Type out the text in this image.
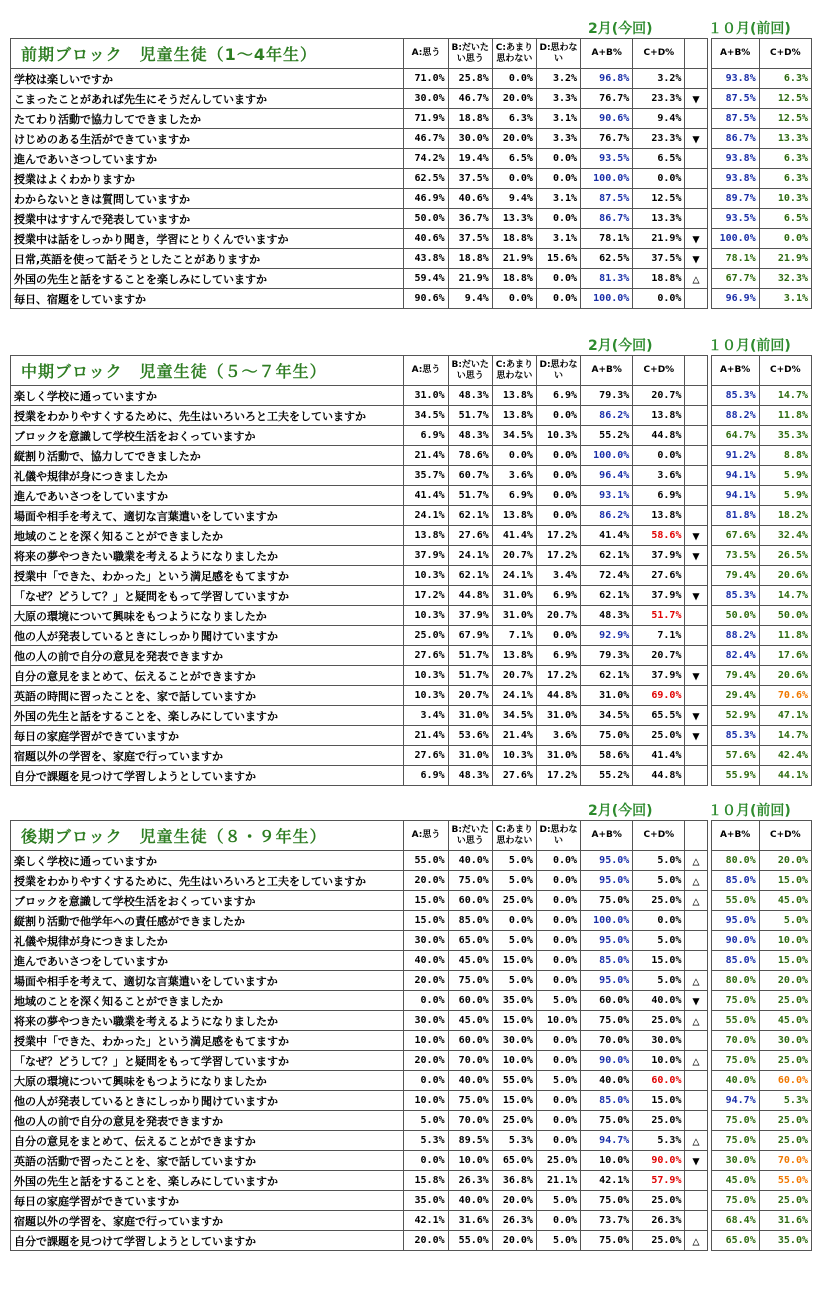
2月(今回)	１０月(前回)
前期ブロック　児童生徒（1～4年生）	A:思う	B:だいたい思う	C:あまり思わない	D:思わない	A+B%	C+D%			A+B%	C+D%
学校は楽しいですか	71.0%	25.8%	0.0%	3.2%	96.8%	3.2%			93.8%	6.3%
こまったことがあれば先生にそうだんしていますか	30.0%	46.7%	20.0%	3.3%	76.7%	23.3%	▼		87.5%	12.5%
たてわり活動で協力してできましたか	71.9%	18.8%	6.3%	3.1%	90.6%	9.4%			87.5%	12.5%
けじめのある生活ができていますか	46.7%	30.0%	20.0%	3.3%	76.7%	23.3%	▼		86.7%	13.3%
進んであいさつしていますか	74.2%	19.4%	6.5%	0.0%	93.5%	6.5%			93.8%	6.3%
授業はよくわかりますか	62.5%	37.5%	0.0%	0.0%	100.0%	0.0%			93.8%	6.3%
わからないときは質問していますか	46.9%	40.6%	9.4%	3.1%	87.5%	12.5%			89.7%	10.3%
授業中はすすんで発表していますか	50.0%	36.7%	13.3%	0.0%	86.7%	13.3%			93.5%	6.5%
授業中は話をしっかり聞き，学習にとりくんでいますか	40.6%	37.5%	18.8%	3.1%	78.1%	21.9%	▼		100.0%	0.0%
日常,英語を使って話そうとしたことがありますか	43.8%	18.8%	21.9%	15.6%	62.5%	37.5%	▼		78.1%	21.9%
外国の先生と話をすることを楽しみにしていますか	59.4%	21.9%	18.8%	0.0%	81.3%	18.8%	△		67.7%	32.3%
毎日、宿題をしていますか	90.6%	9.4%	0.0%	0.0%	100.0%	0.0%			96.9%	3.1%
2月(今回)	１０月(前回)
中期ブロック　児童生徒（５～７年生）	A:思う	B:だいたい思う	C:あまり思わない	D:思わない	A+B%	C+D%			A+B%	C+D%
楽しく学校に通っていますか	31.0%	48.3%	13.8%	6.9%	79.3%	20.7%			85.3%	14.7%
授業をわかりやすくするために、先生はいろいろと工夫をしていますか	34.5%	51.7%	13.8%	0.0%	86.2%	13.8%			88.2%	11.8%
ブロックを意識して学校生活をおくっていますか	6.9%	48.3%	34.5%	10.3%	55.2%	44.8%			64.7%	35.3%
縦割り活動で、協力してできましたか	21.4%	78.6%	0.0%	0.0%	100.0%	0.0%			91.2%	8.8%
礼儀や規律が身につきましたか	35.7%	60.7%	3.6%	0.0%	96.4%	3.6%			94.1%	5.9%
進んであいさつをしていますか	41.4%	51.7%	6.9%	0.0%	93.1%	6.9%			94.1%	5.9%
場面や相手を考えて、適切な言葉遣いをしていますか	24.1%	62.1%	13.8%	0.0%	86.2%	13.8%			81.8%	18.2%
地域のことを深く知ることができましたか	13.8%	27.6%	41.4%	17.2%	41.4%	58.6%	▼		67.6%	32.4%
将来の夢やつきたい職業を考えるようになりましたか	37.9%	24.1%	20.7%	17.2%	62.1%	37.9%	▼		73.5%	26.5%
授業中「できた、わかった」という満足感をもてますか	10.3%	62.1%	24.1%	3.4%	72.4%	27.6%			79.4%	20.6%
「なぜ？どうして？」と疑問をもって学習していますか	17.2%	44.8%	31.0%	6.9%	62.1%	37.9%	▼		85.3%	14.7%
大原の環境について興味をもつようになりましたか	10.3%	37.9%	31.0%	20.7%	48.3%	51.7%			50.0%	50.0%
他の人が発表しているときにしっかり聞けていますか	25.0%	67.9%	7.1%	0.0%	92.9%	7.1%			88.2%	11.8%
他の人の前で自分の意見を発表できますか	27.6%	51.7%	13.8%	6.9%	79.3%	20.7%			82.4%	17.6%
自分の意見をまとめて、伝えることができますか	10.3%	51.7%	20.7%	17.2%	62.1%	37.9%	▼		79.4%	20.6%
英語の時間に習ったことを、家で話していますか	10.3%	20.7%	24.1%	44.8%	31.0%	69.0%			29.4%	70.6%
外国の先生と話をすることを、楽しみにしていますか	3.4%	31.0%	34.5%	31.0%	34.5%	65.5%	▼		52.9%	47.1%
毎日の家庭学習ができていますか	21.4%	53.6%	21.4%	3.6%	75.0%	25.0%	▼		85.3%	14.7%
宿題以外の学習を、家庭で行っていますか	27.6%	31.0%	10.3%	31.0%	58.6%	41.4%			57.6%	42.4%
自分で課題を見つけて学習しようとしていますか	6.9%	48.3%	27.6%	17.2%	55.2%	44.8%			55.9%	44.1%
2月(今回)	１０月(前回)
後期ブロック　児童生徒（８・９年生）	A:思う	B:だいたい思う	C:あまり思わない	D:思わない	A+B%	C+D%			A+B%	C+D%
楽しく学校に通っていますか	55.0%	40.0%	5.0%	0.0%	95.0%	5.0%	△		80.0%	20.0%
授業をわかりやすくするために、先生はいろいろと工夫をしていますか	20.0%	75.0%	5.0%	0.0%	95.0%	5.0%	△		85.0%	15.0%
ブロックを意識して学校生活をおくっていますか	15.0%	60.0%	25.0%	0.0%	75.0%	25.0%	△		55.0%	45.0%
縦割り活動で他学年への責任感ができましたか	15.0%	85.0%	0.0%	0.0%	100.0%	0.0%			95.0%	5.0%
礼儀や規律が身につきましたか	30.0%	65.0%	5.0%	0.0%	95.0%	5.0%			90.0%	10.0%
進んであいさつをしていますか	40.0%	45.0%	15.0%	0.0%	85.0%	15.0%			85.0%	15.0%
場面や相手を考えて、適切な言葉遣いをしていますか	20.0%	75.0%	5.0%	0.0%	95.0%	5.0%	△		80.0%	20.0%
地域のことを深く知ることができましたか	0.0%	60.0%	35.0%	5.0%	60.0%	40.0%	▼		75.0%	25.0%
将来の夢やつきたい職業を考えるようになりましたか	30.0%	45.0%	15.0%	10.0%	75.0%	25.0%	△		55.0%	45.0%
授業中「できた、わかった」という満足感をもてますか	10.0%	60.0%	30.0%	0.0%	70.0%	30.0%			70.0%	30.0%
「なぜ？どうして？」と疑問をもって学習していますか	20.0%	70.0%	10.0%	0.0%	90.0%	10.0%	△		75.0%	25.0%
大原の環境について興味をもつようになりましたか	0.0%	40.0%	55.0%	5.0%	40.0%	60.0%			40.0%	60.0%
他の人が発表しているときにしっかり聞けていますか	10.0%	75.0%	15.0%	0.0%	85.0%	15.0%			94.7%	5.3%
他の人の前で自分の意見を発表できますか	5.0%	70.0%	25.0%	0.0%	75.0%	25.0%			75.0%	25.0%
自分の意見をまとめて、伝えることができますか	5.3%	89.5%	5.3%	0.0%	94.7%	5.3%	△		75.0%	25.0%
英語の活動で習ったことを、家で話していますか	0.0%	10.0%	65.0%	25.0%	10.0%	90.0%	▼		30.0%	70.0%
外国の先生と話をすることを、楽しみにしていますか	15.8%	26.3%	36.8%	21.1%	42.1%	57.9%			45.0%	55.0%
毎日の家庭学習ができていますか	35.0%	40.0%	20.0%	5.0%	75.0%	25.0%			75.0%	25.0%
宿題以外の学習を、家庭で行っていますか	42.1%	31.6%	26.3%	0.0%	73.7%	26.3%			68.4%	31.6%
自分で課題を見つけて学習しようとしていますか	20.0%	55.0%	20.0%	5.0%	75.0%	25.0%	△		65.0%	35.0%
